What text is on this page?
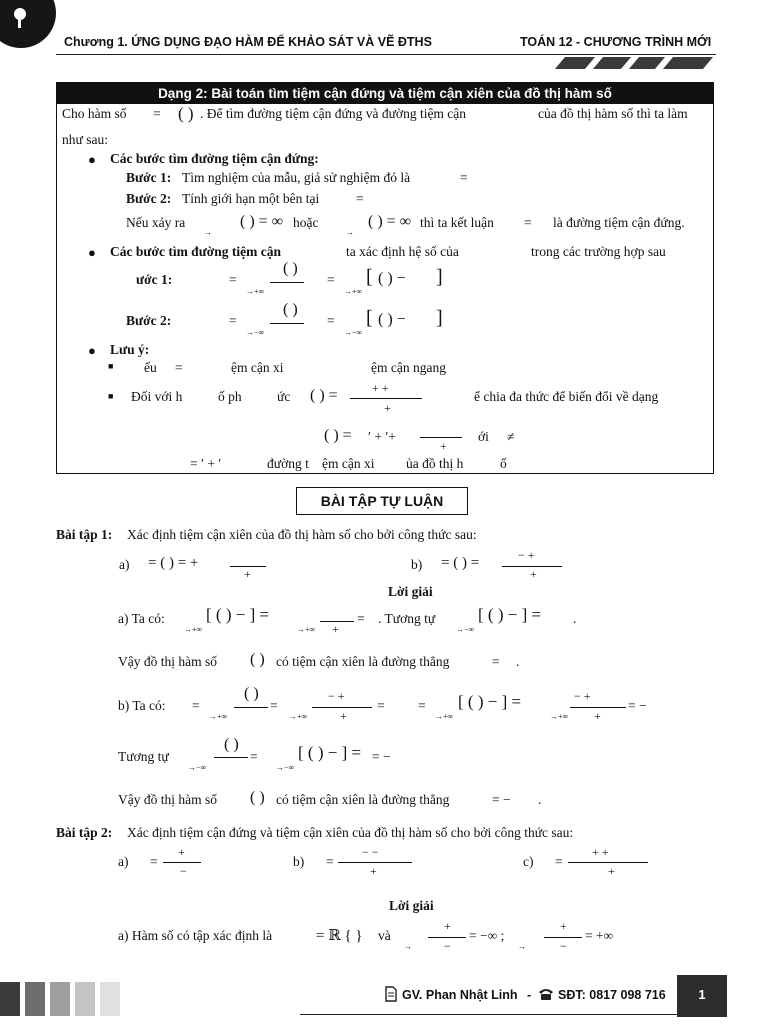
Chương 1. ỨNG DỤNG ĐẠO HÀM ĐỂ KHẢO SÁT VÀ VẼ ĐTHS	TOÁN 12 - CHƯƠNG TRÌNH MỚI
Dạng 2: Bài toán tìm tiệm cận đứng và tiệm cận xiên của đồ thị hàm số
Cho hàm số = ( ) . Để tìm đường tiệm cận đứng và đường tiệm cận	của đồ thị hàm số thì ta làm
như sau:
● Các bước tìm đường tiệm cận đứng:
Bước 1: Tìm nghiệm của mẫu, giả sử nghiệm đó là	=
Bước 2: Tính giới hạn một bên tại	=
Nếu xảy ra
→
( ) = ∞ hoặc
→
( ) = ∞ thì ta kết luận = là đường tiệm cận đứng.
● Các bước tìm đường tiệm cận	ta xác định hệ số của	trong các trường hợp sau
ước 1:	=
→+∞
( )
=
→+∞
[ ( ) − ]
Bước 2:	=
→−∞
( )
=
→−∞
[ ( ) − ]
● Lưu ý:
■ ếu =	ệm cận xi	ệm cận ngang
■ Đối với h	ố ph	ức ( ) =	+ +
+
ể chia đa thức để biến đổi về dạng
( ) = ′ + ′+
+
ới ≠
= ′ + ′	đường t ệm cận xi ủa đồ thị h	ố
BÀI TẬP TỰ LUẬN
Bài tập 1: Xác định tiệm cận xiên của đồ thị hàm số cho bởi công thức sau:
a) = ( ) = +
+
b) = ( ) =	− +
+
Lời giải
a) Ta có:
→+∞
[ ( ) − ] =
→+∞ +
= . Tương tự
→−∞
[ ( ) − ] = .
Vậy đồ thị hàm số ( ) có tiệm cận xiên là đường thẳng	= .
b) Ta có: =
→+∞
( )
=
→+∞
− +
+
= =
→+∞
[ ( ) − ] =
→+∞
− +
+
= −
Tương tự
→−∞
( )
=
→−∞
[ ( ) − ] = = −
Vậy đồ thị hàm số ( ) có tiệm cận xiên là đường thẳng	= − .
Bài tập 2: Xác định tiệm cận đứng và tiệm cận xiên của đồ thị hàm số cho bởi công thức sau:
a) =
+
−
b) =
− −
+
c) =
+ +
+
Lời giải
a) Hàm số có tập xác định là	= ℝ { } và
→
+
−
= −∞ ;
→
+
−
= +∞
GV. Phan Nhật Linh - SĐT: 0817 098 716	1
